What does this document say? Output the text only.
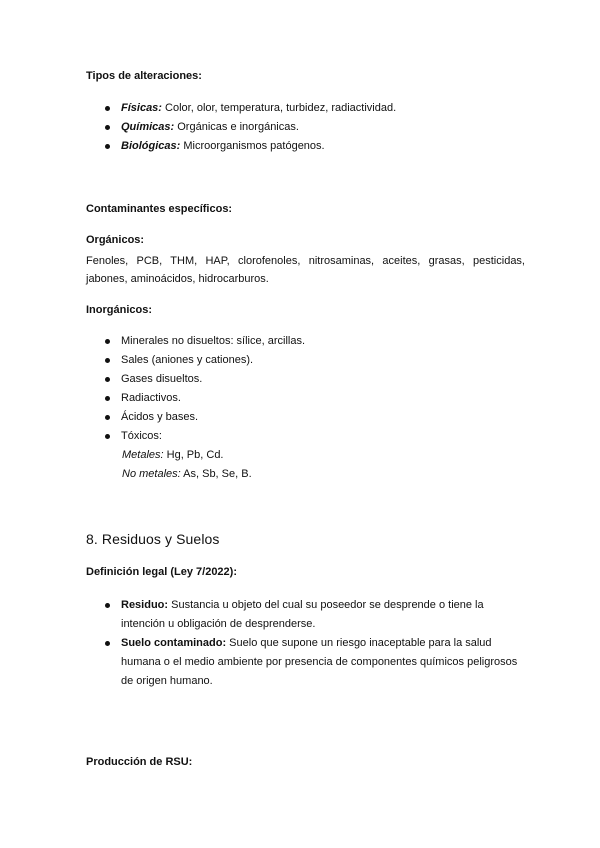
Tipos de alteraciones:
Físicas: Color, olor, temperatura, turbidez, radiactividad.
Químicas: Orgánicas e inorgánicas.
Biológicas: Microorganismos patógenos.
Contaminantes específicos:
Orgánicos:
Fenoles, PCB, THM, HAP, clorofenoles, nitrosaminas, aceites, grasas, pesticidas, jabones, aminoácidos, hidrocarburos.
Inorgánicos:
Minerales no disueltos: sílice, arcillas.
Sales (aniones y cationes).
Gases disueltos.
Radiactivos.
Ácidos y bases.
Tóxicos:
Metales: Hg, Pb, Cd.
No metales: As, Sb, Se, B.
8. Residuos y Suelos
Definición legal (Ley 7/2022):
Residuo: Sustancia u objeto del cual su poseedor se desprende o tiene la intención u obligación de desprenderse.
Suelo contaminado: Suelo que supone un riesgo inaceptable para la salud humana o el medio ambiente por presencia de componentes químicos peligrosos de origen humano.
Producción de RSU:
